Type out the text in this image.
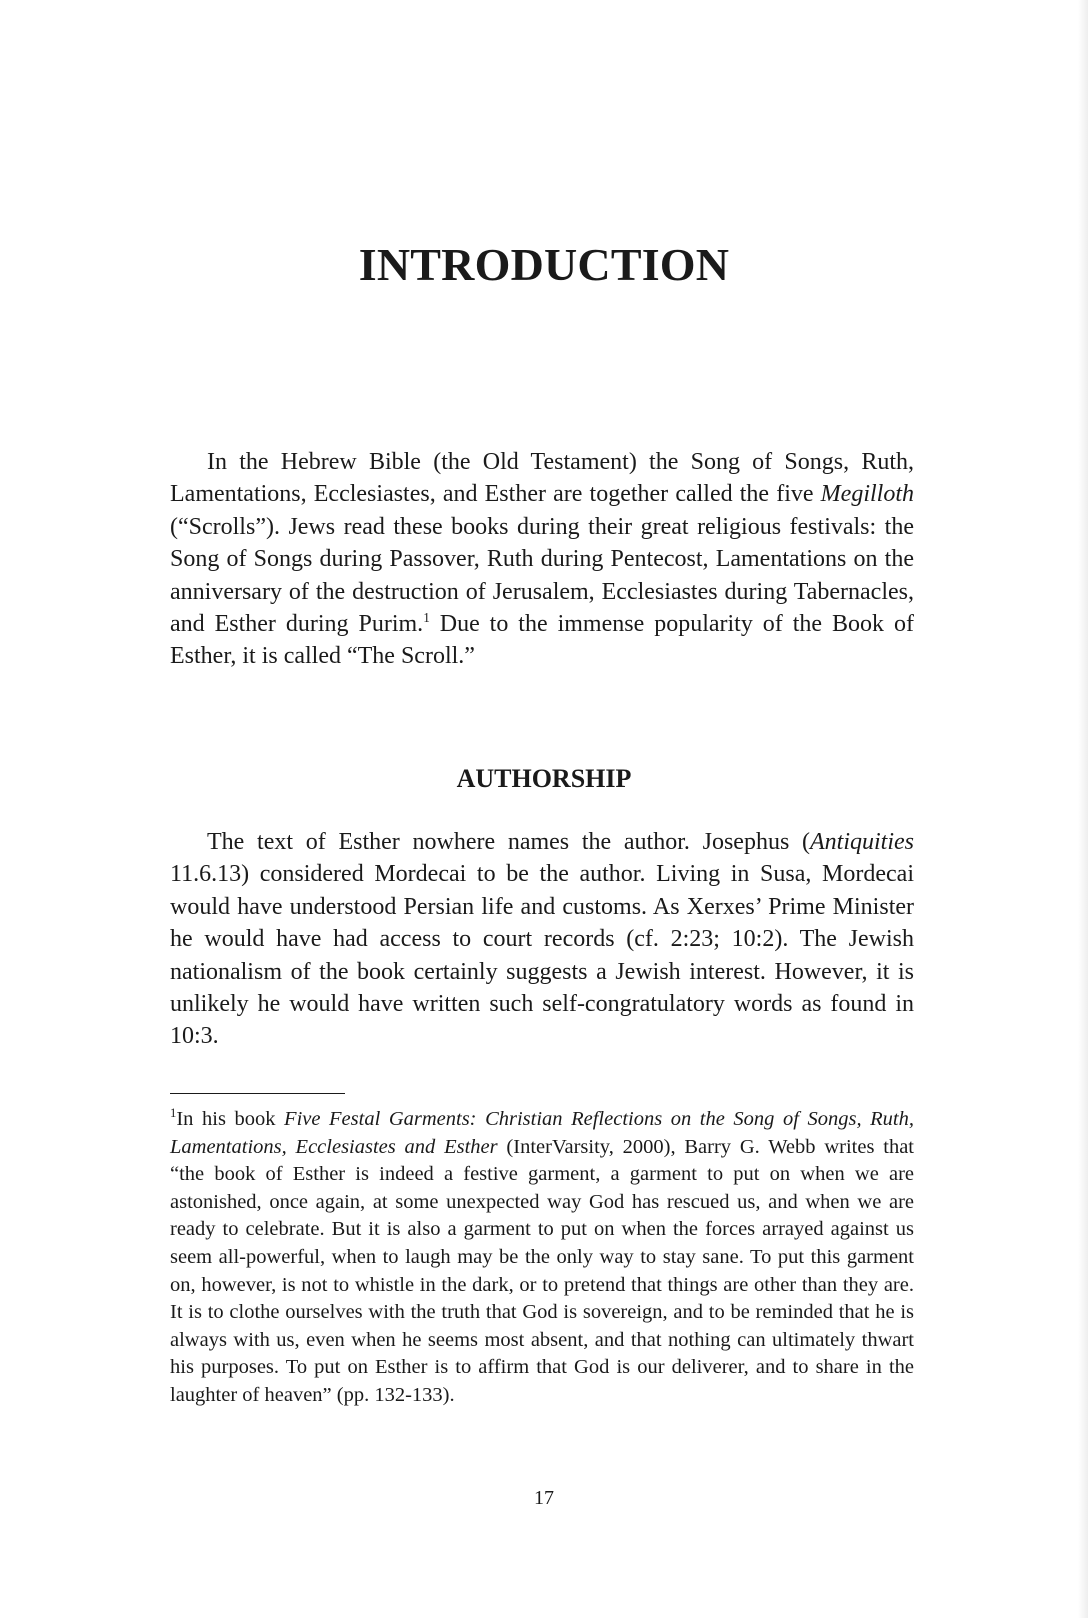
INTRODUCTION

In the Hebrew Bible (the Old Testament) the Song of Songs, Ruth, Lamentations, Ecclesiastes, and Esther are together called the five Megilloth (“Scrolls”). Jews read these books during their great religious festivals: the Song of Songs during Passover, Ruth during Pentecost, Lamentations on the anniversary of the destruction of Jerusalem, Ecclesiastes during Tabernacles, and Esther during Purim.$^1$ Due to the immense popularity of the Book of Esther, it is called “The Scroll.”

AUTHORSHIP

The text of Esther nowhere names the author. Josephus (Antiquities 11.6.13) considered Mordecai to be the author. Living in Susa, Mordecai would have understood Persian life and customs. As Xerxes’ Prime Minister he would have had access to court records (cf. 2:23; 10:2). The Jewish nationalism of the book certainly suggests a Jewish interest. However, it is unlikely he would have written such self-congratulatory words as found in 10:3.

$^1$In his book Five Festal Garments: Christian Reflections on the Song of Songs, Ruth, Lamentations, Ecclesiastes and Esther (InterVarsity, 2000), Barry G. Webb writes that “the book of Esther is indeed a festive garment, a garment to put on when we are astonished, once again, at some unexpected way God has rescued us, and when we are ready to celebrate. But it is also a garment to put on when the forces arrayed against us seem all-powerful, when to laugh may be the only way to stay sane. To put this garment on, however, is not to whistle in the dark, or to pretend that things are other than they are. It is to clothe ourselves with the truth that God is sovereign, and to be reminded that he is always with us, even when he seems most absent, and that nothing can ultimately thwart his purposes. To put on Esther is to affirm that God is our deliverer, and to share in the laughter of heaven” (pp. 132-133).

17
